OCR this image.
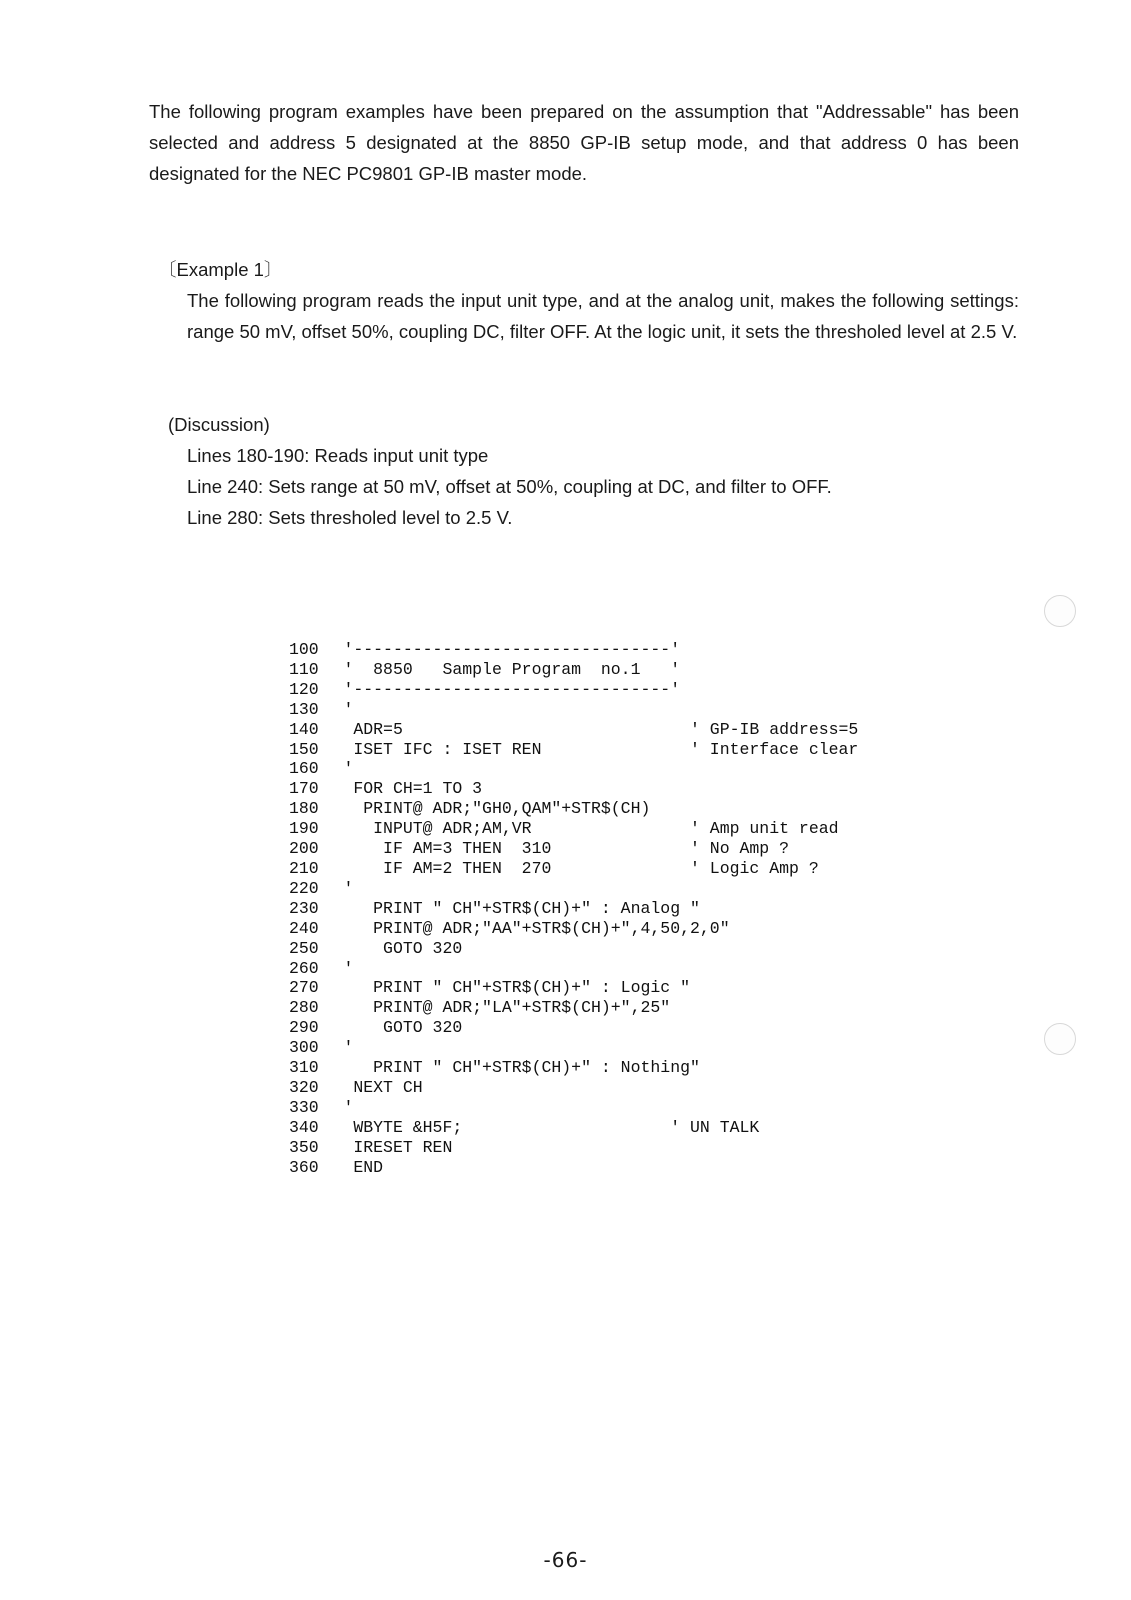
The following program examples have been prepared on the assumption that "Addressable" has been selected and address 5 designated at the 8850 GP-IB setup mode, and that address 0 has been designated for the NEC PC9801 GP-IB master mode.

〔Example 1〕

The following program reads the input unit type, and at the analog unit, makes the following settings: range 50 mV, offset 50%, coupling DC, filter OFF. At the logic unit, it sets the thresholed level at 2.5 V.

(Discussion)

Lines 180-190: Reads input unit type
Line 240: Sets range at 50 mV, offset at 50%, coupling at DC, and filter to OFF.
Line 280: Sets thresholed level to 2.5 V.
100 '--------------------------------'
110 '  8850   Sample Program  no.1   '
120 '--------------------------------'
130 '
140 ADR=5                             ' GP-IB address=5
150 ISET IFC : ISET REN               ' Interface clear
160 '
170 FOR CH=1 TO 3
180  PRINT@ ADR;"GH0,QAM"+STR$(CH)
190   INPUT@ ADR;AM,VR                ' Amp unit read
200    IF AM=3 THEN  310              ' No Amp ?
210    IF AM=2 THEN  270              ' Logic Amp ?
220 '
230   PRINT " CH"+STR$(CH)+" : Analog "
240   PRINT@ ADR;"AA"+STR$(CH)+",4,50,2,0"
250    GOTO 320
260 '
270   PRINT " CH"+STR$(CH)+" : Logic "
280   PRINT@ ADR;"LA"+STR$(CH)+",25"
290    GOTO 320
300 '
310   PRINT " CH"+STR$(CH)+" : Nothing"
320 NEXT CH
330 '
340 WBYTE &H5F;                     ' UN TALK
350 IRESET REN
360 END

-66-
